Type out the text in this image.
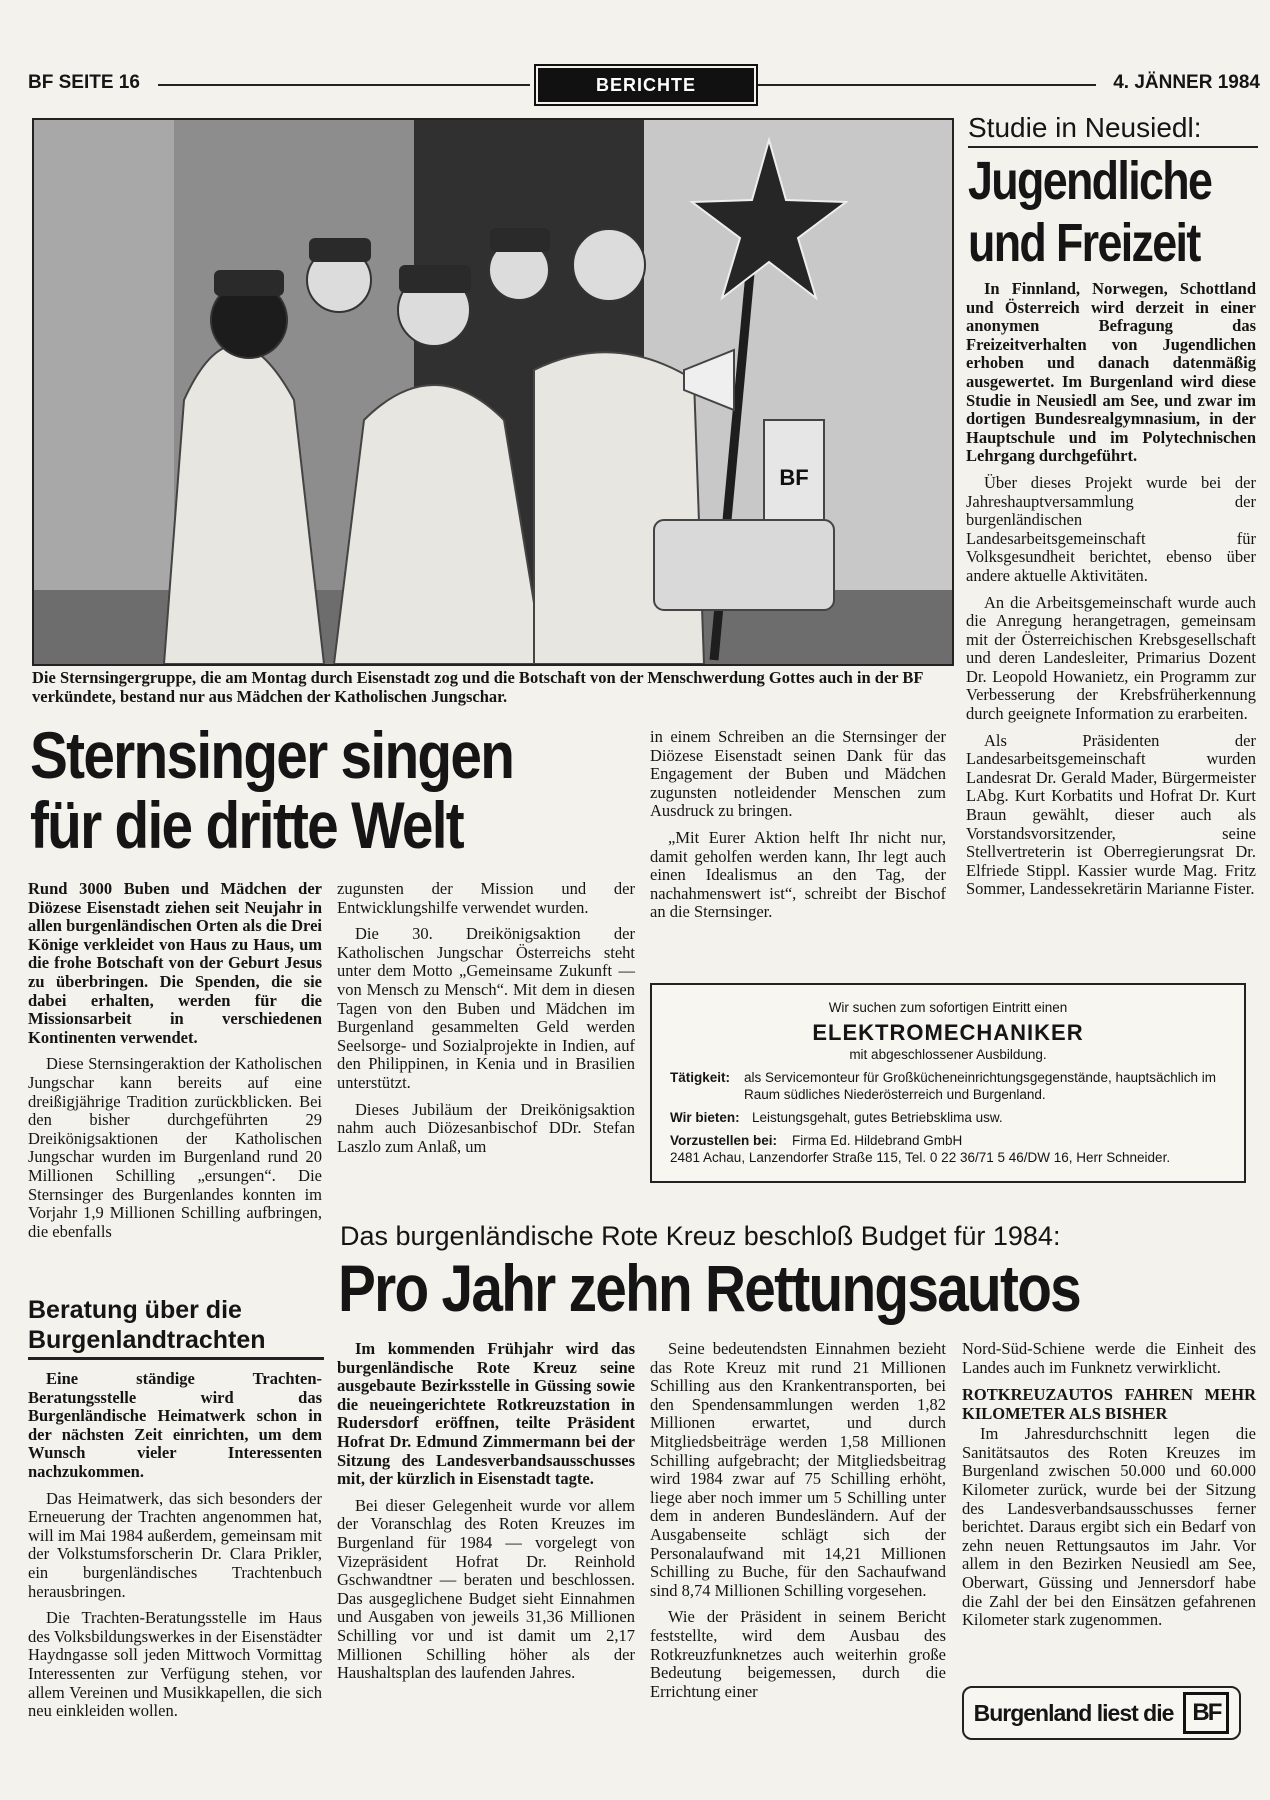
BF SEITE 16	BERICHTE	4. JÄNNER 1984
BF
Die Sternsingergruppe, die am Montag durch Eisenstadt zog und die Botschaft von der Menschwerdung Gottes auch in der BF verkündete, bestand nur aus Mädchen der Katholischen Jungschar.
Sternsinger singen
für die dritte Welt

Rund 3000 Buben und Mädchen der Diözese Eisenstadt ziehen seit Neujahr in allen burgenländischen Orten als die Drei Könige verkleidet von Haus zu Haus, um die frohe Botschaft von der Geburt Jesus zu überbringen. Die Spenden, die sie dabei erhalten, werden für die Missionsarbeit in verschiedenen Kontinenten verwendet.

Diese Sternsingeraktion der Katholischen Jungschar kann bereits auf eine dreißigjährige Tradition zurückblicken. Bei den bisher durchgeführten 29 Dreikönigsaktionen der Katholischen Jungschar wurden im Burgenland rund 20 Millionen Schilling „ersungen“. Die Sternsinger des Burgenlandes konnten im Vorjahr 1,9 Millionen Schilling aufbringen, die ebenfalls

zugunsten der Mission und der Entwicklungshilfe verwendet wurden.

Die 30. Dreikönigsaktion der Katholischen Jungschar Österreichs steht unter dem Motto „Gemeinsame Zukunft — von Mensch zu Mensch“. Mit dem in diesen Tagen von den Buben und Mädchen im Burgenland gesammelten Geld werden Seelsorge- und Sozialprojekte in Indien, auf den Philippinen, in Kenia und in Brasilien unterstützt.

Dieses Jubiläum der Dreikönigsaktion nahm auch Diözesanbischof DDr. Stefan Laszlo zum Anlaß, um

in einem Schreiben an die Sternsinger der Diözese Eisenstadt seinen Dank für das Engagement der Buben und Mädchen zugunsten notleidender Menschen zum Ausdruck zu bringen.

„Mit Eurer Aktion helft Ihr nicht nur, damit geholfen werden kann, Ihr legt auch einen Idealismus an den Tag, der nachahmenswert ist“, schreibt der Bischof an die Sternsinger.

Studie in Neusiedl:
Jugendliche
und Freizeit

In Finnland, Norwegen, Schottland und Österreich wird derzeit in einer anonymen Befragung das Freizeitverhalten von Jugendlichen erhoben und danach datenmäßig ausgewertet. Im Burgenland wird diese Studie in Neusiedl am See, und zwar im dortigen Bundesrealgymnasium, in der Hauptschule und im Polytechnischen Lehrgang durchgeführt.

Über dieses Projekt wurde bei der Jahreshauptversammlung der burgenländischen Landesarbeitsgemeinschaft für Volksgesundheit berichtet, ebenso über andere aktuelle Aktivitäten.

An die Arbeitsgemeinschaft wurde auch die Anregung herangetragen, gemeinsam mit der Österreichischen Krebsgesellschaft und deren Landesleiter, Primarius Dozent Dr. Leopold Howanietz, ein Programm zur Verbesserung der Krebsfrüherkennung durch geeignete Information zu erarbeiten.

Als Präsidenten der Landesarbeitsgemeinschaft wurden Landesrat Dr. Gerald Mader, Bürgermeister LAbg. Kurt Korbatits und Hofrat Dr. Kurt Braun gewählt, dieser auch als Vorstandsvorsitzender, seine Stellvertreterin ist Oberregierungsrat Dr. Elfriede Stippl. Kassier wurde Mag. Fritz Sommer, Landessekretärin Marianne Fister.

Wir suchen zum sofortigen Eintritt einen
ELEKTROMECHANIKER
mit abgeschlossener Ausbildung.
Tätigkeit:	als Servicemonteur für Großkücheneinrichtungsgegenstände, hauptsächlich im Raum südliches Niederösterreich und Burgenland.
Wir bieten: Leistungsgehalt, gutes Betriebsklima usw.
Vorzustellen bei:	Firma Ed. Hildebrand GmbH
2481 Achau, Lanzendorfer Straße 115, Tel. 0 22 36/71 5 46/DW 16, Herr Schneider.
Beratung über die Burgenlandtrachten

Eine ständige Trachten-Beratungsstelle wird das Burgenländische Heimatwerk schon in der nächsten Zeit einrichten, um dem Wunsch vieler Interessenten nachzukommen.

Das Heimatwerk, das sich besonders der Erneuerung der Trachten angenommen hat, will im Mai 1984 außerdem, gemeinsam mit der Volkstumsforscherin Dr. Clara Prikler, ein burgenländisches Trachtenbuch herausbringen.

Die Trachten-Beratungsstelle im Haus des Volksbildungswerkes in der Eisenstädter Haydngasse soll jeden Mittwoch Vormittag Interessenten zur Verfügung stehen, vor allem Vereinen und Musikkapellen, die sich neu einkleiden wollen.

Das burgenländische Rote Kreuz beschloß Budget für 1984:
Pro Jahr zehn Rettungsautos

Im kommenden Frühjahr wird das burgenländische Rote Kreuz seine ausgebaute Bezirksstelle in Güssing sowie die neueingerichtete Rotkreuzstation in Rudersdorf eröffnen, teilte Präsident Hofrat Dr. Edmund Zimmermann bei der Sitzung des Landesverbandsausschusses mit, der kürzlich in Eisenstadt tagte.

Bei dieser Gelegenheit wurde vor allem der Voranschlag des Roten Kreuzes im Burgenland für 1984 — vorgelegt von Vizepräsident Hofrat Dr. Reinhold Gschwandtner — beraten und beschlossen. Das ausgeglichene Budget sieht Einnahmen und Ausgaben von jeweils 31,36 Millionen Schilling vor und ist damit um 2,17 Millionen Schilling höher als der Haushaltsplan des laufenden Jahres.

Seine bedeutendsten Einnahmen bezieht das Rote Kreuz mit rund 21 Millionen Schilling aus den Krankentransporten, bei den Spendensammlungen werden 1,82 Millionen erwartet, und durch Mitgliedsbeiträge werden 1,58 Millionen Schilling aufgebracht; der Mitgliedsbeitrag wird 1984 zwar auf 75 Schilling erhöht, liege aber noch immer um 5 Schilling unter dem in anderen Bundesländern. Auf der Ausgabenseite schlägt sich der Personalaufwand mit 14,21 Millionen Schilling zu Buche, für den Sachaufwand sind 8,74 Millionen Schilling vorgesehen.

Wie der Präsident in seinem Bericht feststellte, wird dem Ausbau des Rotkreuzfunknetzes auch weiterhin große Bedeutung beigemessen, durch die Errichtung einer

Nord-Süd-Schiene werde die Einheit des Landes auch im Funknetz verwirklicht.

ROTKREUZAUTOS FAHREN MEHR KILOMETER ALS BISHER

Im Jahresdurchschnitt legen die Sanitätsautos des Roten Kreuzes im Burgenland zwischen 50.000 und 60.000 Kilometer zurück, wurde bei der Sitzung des Landesverbandsausschusses ferner berichtet. Daraus ergibt sich ein Bedarf von zehn neuen Rettungsautos im Jahr. Vor allem in den Bezirken Neusiedl am See, Oberwart, Güssing und Jennersdorf habe die Zahl der bei den Einsätzen gefahrenen Kilometer stark zugenommen.

Burgenland liest die BF
